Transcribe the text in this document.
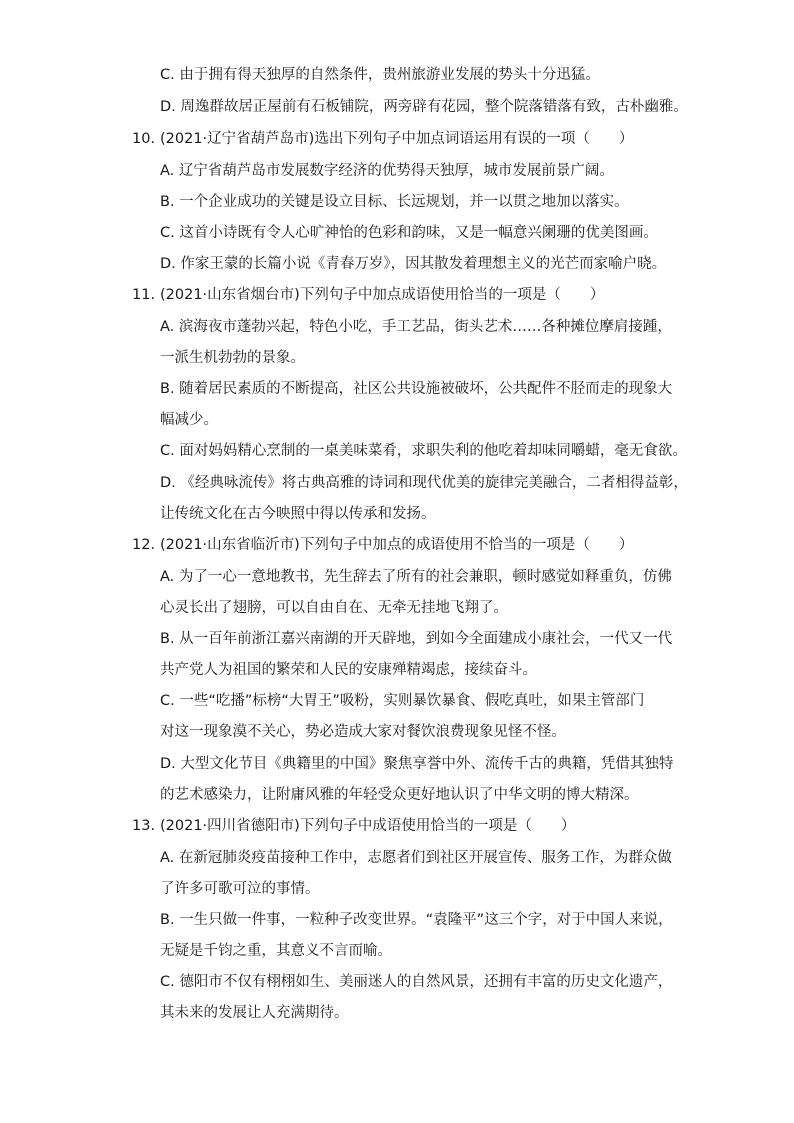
C. 由于拥有得天独厚的自然条件，贵州旅游业发展的势头十分迅猛。
D. 周逸群故居正屋前有石板铺院，两旁辟有花园，整个院落错落有致，古朴幽雅。
10. (2021·辽宁省葫芦岛市)选出下列句子中加点词语运用有误的一项（　　）
A. 辽宁省葫芦岛市发展数字经济的优势得天独厚，城市发展前景广阔。
B. 一个企业成功的关键是设立目标、长远规划，并一以贯之地加以落实。
C. 这首小诗既有令人心旷神怡的色彩和韵味，又是一幅意兴阑珊的优美图画。
D. 作家王蒙的长篇小说《青春万岁》，因其散发着理想主义的光芒而家喻户晓。
11. (2021·山东省烟台市)下列句子中加点成语使用恰当的一项是（　　）
A. 滨海夜市蓬勃兴起，特色小吃，手工艺品，街头艺术……各种摊位摩肩接踵，
一派生机勃勃的景象。
B. 随着居民素质的不断提高，社区公共设施被破坏，公共配件不胫而走的现象大
幅减少。
C. 面对妈妈精心烹制的一桌美味菜肴，求职失利的他吃着却味同嚼蜡，毫无食欲。
D. 《经典咏流传》将古典高雅的诗词和现代优美的旋律完美融合，二者相得益彰，
让传统文化在古今映照中得以传承和发扬。
12. (2021·山东省临沂市)下列句子中加点的成语使用不恰当的一项是（　　）
A. 为了一心一意地教书，先生辞去了所有的社会兼职，顿时感觉如释重负，仿佛
心灵长出了翅膀，可以自由自在、无牵无挂地飞翔了。
B. 从一百年前浙江嘉兴南湖的开天辟地，到如今全面建成小康社会，一代又一代
共产党人为祖国的繁荣和人民的安康殚精竭虑，接续奋斗。
C. 一些“吃播”标榜“大胃王”吸粉，实则暴饮暴食、假吃真吐，如果主管部门
对这一现象漠不关心，势必造成大家对餐饮浪费现象见怪不怪。
D. 大型文化节目《典籍里的中国》聚焦享誉中外、流传千古的典籍，凭借其独特
的艺术感染力，让附庸风雅的年轻受众更好地认识了中华文明的博大精深。
13. (2021·四川省德阳市)下列句子中成语使用恰当的一项是（　　）
A. 在新冠肺炎疫苗接种工作中，志愿者们到社区开展宣传、服务工作，为群众做
了许多可歌可泣的事情。
B. 一生只做一件事，一粒种子改变世界。“袁隆平”这三个字，对于中国人来说，
无疑是千钧之重，其意义不言而喻。
C. 德阳市不仅有栩栩如生、美丽迷人的自然风景，还拥有丰富的历史文化遗产，
其未来的发展让人充满期待。
